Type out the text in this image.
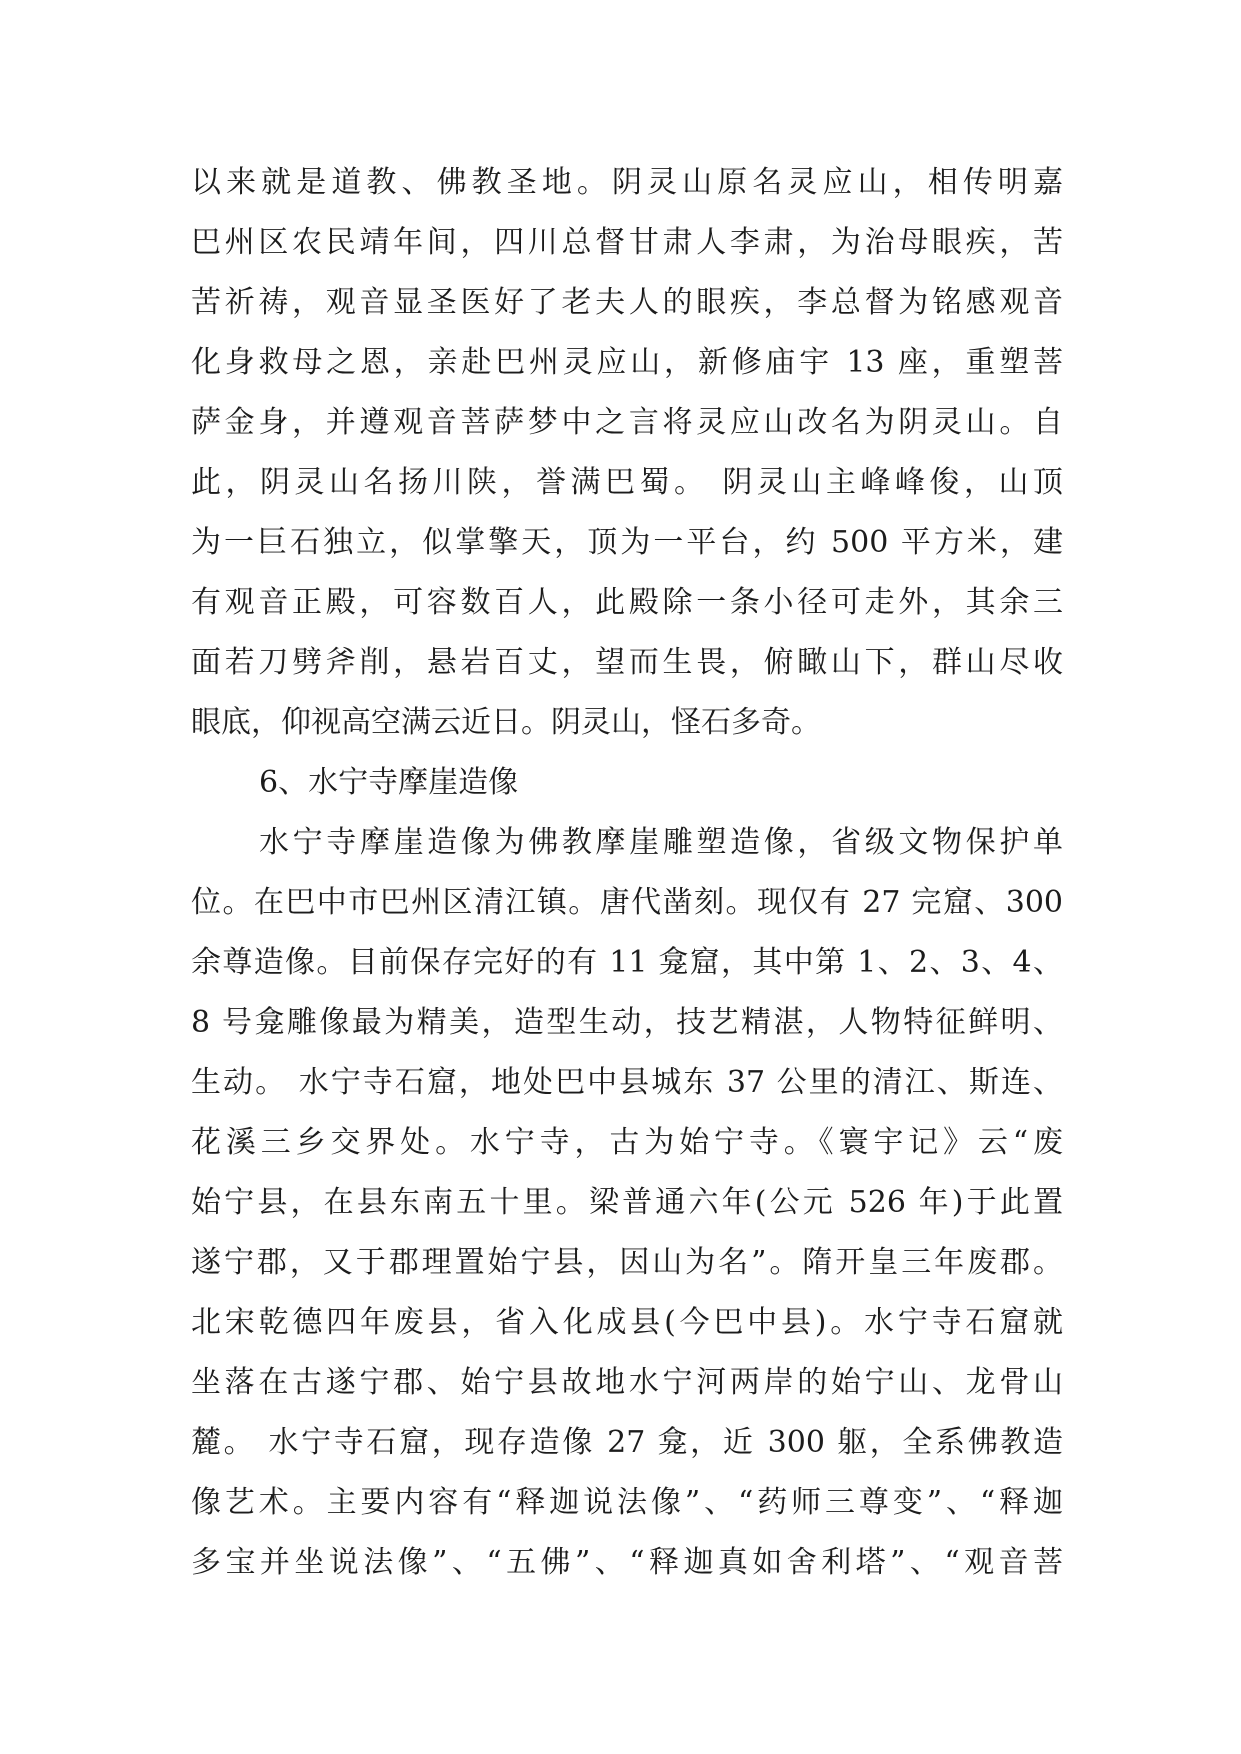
以来就是道教、佛教圣地。阴灵山原名灵应山，相传明嘉
巴州区农民靖年间，四川总督甘肃人李肃，为治母眼疾，苦
苦祈祷，观音显圣医好了老夫人的眼疾，李总督为铭感观音
化身救母之恩，亲赴巴州灵应山，新修庙宇 13 座，重塑菩
萨金身，并遵观音菩萨梦中之言将灵应山改名为阴灵山。自
此，阴灵山名扬川陕，誉满巴蜀。 阴灵山主峰峰俊，山顶
为一巨石独立，似掌擎天，顶为一平台，约 500 平方米，建
有观音正殿，可容数百人，此殿除一条小径可走外，其余三
面若刀劈斧削，悬岩百丈，望而生畏，俯瞰山下，群山尽收
眼底，仰视高空满云近日。阴灵山，怪石多奇。
6、水宁寺摩崖造像
水宁寺摩崖造像为佛教摩崖雕塑造像，省级文物保护单
位。在巴中市巴州区清江镇。唐代凿刻。现仅有 27 完窟、300
余尊造像。目前保存完好的有 11 龛窟，其中第 1、2、3、4、
8 号龛雕像最为精美，造型生动，技艺精湛，人物特征鲜明、
生动。 水宁寺石窟，地处巴中县城东 37 公里的清江、斯连、
花溪三乡交界处。水宁寺，古为始宁寺。《寰宇记》云“废
始宁县，在县东南五十里。梁普通六年(公元 526 年)于此置
遂宁郡，又于郡理置始宁县，因山为名”。隋开皇三年废郡。
北宋乾德四年废县，省入化成县(今巴中县)。水宁寺石窟就
坐落在古遂宁郡、始宁县故地水宁河两岸的始宁山、龙骨山
麓。 水宁寺石窟，现存造像 27 龛，近 300 躯，全系佛教造
像艺术。主要内容有“释迦说法像”、“药师三尊变”、“释迦
多宝并坐说法像”、“五佛”、“释迦真如舍利塔”、“观音菩
